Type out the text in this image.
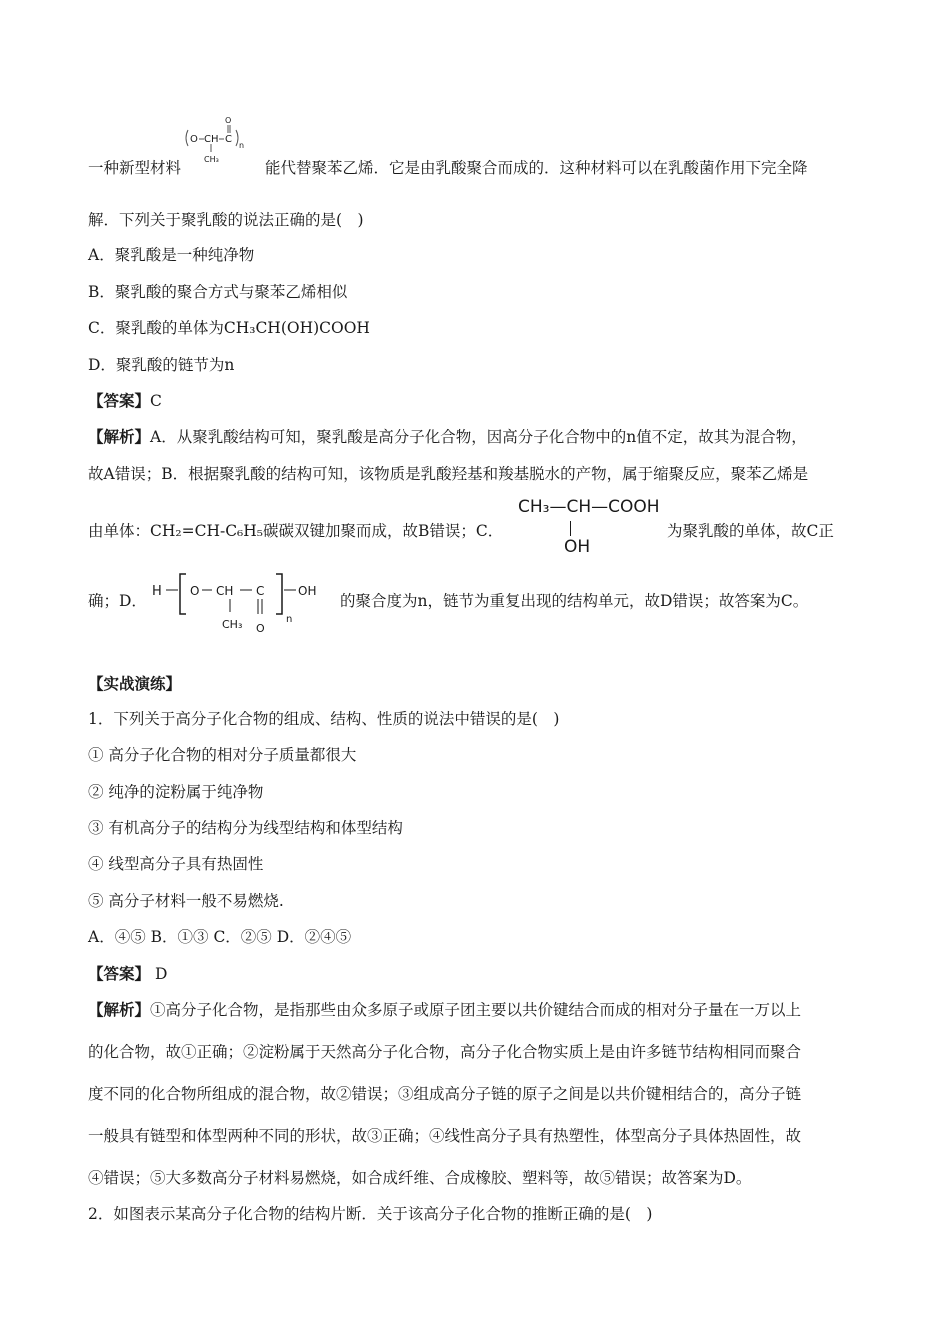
O CH C
O
n
CH₃
一种新型材料	能代替聚苯乙烯．它是由乳酸聚合而成的．这种材料可以在乳酸菌作用下完全降
解．下列关于聚乳酸的说法正确的是(　)
A．聚乳酸是一种纯净物
B．聚乳酸的聚合方式与聚苯乙烯相似
C．聚乳酸的单体为CH₃CH(OH)COOH
D．聚乳酸的链节为n
【答案】C
【解析】A．从聚乳酸结构可知，聚乳酸是高分子化合物，因高分子化合物中的n值不定，故其为混合物，
故A错误；B．根据聚乳酸的结构可知，该物质是乳酸羟基和羧基脱水的产物，属于缩聚反应，聚苯乙烯是
由单体：CH₂=CH-C₆H₅碳碳双键加聚而成，故B错误；C．
CH₃—CH—COOH
OH
为聚乳酸的单体，故C正
确；D．
H O CH C
CH₃ O
n
OH
的聚合度为n，链节为重复出现的结构单元，故D错误；故答案为C。
【实战演练】
1．下列关于高分子化合物的组成、结构、性质的说法中错误的是(　)
① 高分子化合物的相对分子质量都很大
② 纯净的淀粉属于纯净物
③ 有机高分子的结构分为线型结构和体型结构
④ 线型高分子具有热固性
⑤ 高分子材料一般不易燃烧.
A．④⑤ B．①③ C．②⑤ D．②④⑤
【答案】 D
【解析】①高分子化合物，是指那些由众多原子或原子团主要以共价键结合而成的相对分子量在一万以上
的化合物，故①正确；②淀粉属于天然高分子化合物，高分子化合物实质上是由许多链节结构相同而聚合
度不同的化合物所组成的混合物，故②错误；③组成高分子链的原子之间是以共价键相结合的，高分子链
一般具有链型和体型两种不同的形状，故③正确；④线性高分子具有热塑性，体型高分子具体热固性，故
④错误；⑤大多数高分子材料易燃烧，如合成纤维、合成橡胶、塑料等，故⑤错误；故答案为D。
2．如图表示某高分子化合物的结构片断．关于该高分子化合物的推断正确的是(　)
